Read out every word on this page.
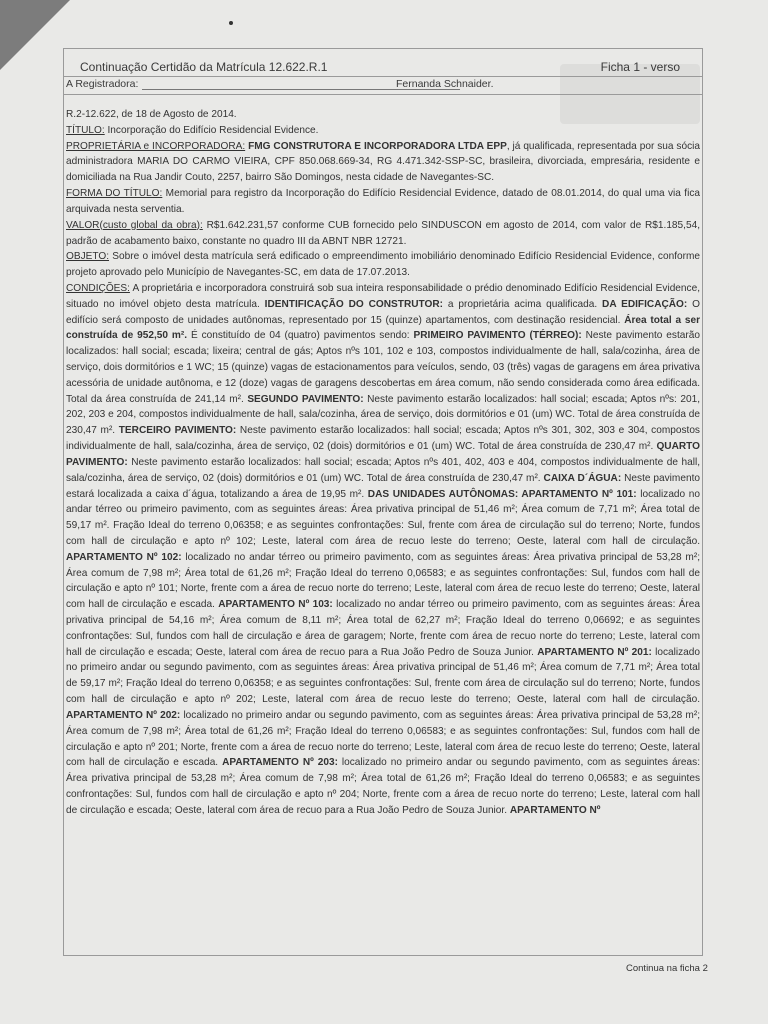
Continuação Certidão da Matrícula 12.622.R.1	Ficha 1 - verso
A Registradora:	Fernanda Schnaider.

R.2-12.622, de 18 de Agosto de 2014.

TÍTULO: Incorporação do Edifício Residencial Evidence.

PROPRIETÁRIA e INCORPORADORA: FMG CONSTRUTORA E INCORPORADORA LTDA EPP, já qualificada, representada por sua sócia administradora MARIA DO CARMO VIEIRA, CPF 850.068.669-34, RG 4.471.342-SSP-SC, brasileira, divorciada, empresária, residente e domiciliada na Rua Jandir Couto, 2257, bairro São Domingos, nesta cidade de Navegantes-SC.

FORMA DO TÍTULO: Memorial para registro da Incorporação do Edifício Residencial Evidence, datado de 08.01.2014, do qual uma via fica arquivada nesta serventia.

VALOR(custo global da obra): R$1.642.231,57 conforme CUB fornecido pelo SINDUSCON em agosto de 2014, com valor de R$1.185,54, padrão de acabamento baixo, constante no quadro III da ABNT NBR 12721.

OBJETO: Sobre o imóvel desta matrícula será edificado o empreendimento imobiliário denominado Edifício Residencial Evidence, conforme projeto aprovado pelo Município de Navegantes-SC, em data de 17.07.2013.

CONDIÇÕES: A proprietária e incorporadora construirá sob sua inteira responsabilidade o prédio denominado Edifício Residencial Evidence, situado no imóvel objeto desta matrícula. IDENTIFICAÇÃO DO CONSTRUTOR: a proprietária acima qualificada. DA EDIFICAÇÃO: O edifício será composto de unidades autônomas, representado por 15 (quinze) apartamentos, com destinação residencial. Área total a ser construída de 952,50 m². É constituído de 04 (quatro) pavimentos sendo: PRIMEIRO PAVIMENTO (TÉRREO): Neste pavimento estarão localizados: hall social; escada; lixeira; central de gás; Aptos nºs 101, 102 e 103, compostos individualmente de hall, sala/cozinha, área de serviço, dois dormitórios e 1 WC; 15 (quinze) vagas de estacionamentos para veículos, sendo, 03 (três) vagas de garagens em área privativa acessória de unidade autônoma, e 12 (doze) vagas de garagens descobertas em área comum, não sendo considerada como área edificada. Total da área construída de 241,14 m². SEGUNDO PAVIMENTO: Neste pavimento estarão localizados: hall social; escada; Aptos nºs: 201, 202, 203 e 204, compostos individualmente de hall, sala/cozinha, área de serviço, dois dormitórios e 01 (um) WC. Total de área construída de 230,47 m². TERCEIRO PAVIMENTO: Neste pavimento estarão localizados: hall social; escada; Aptos nºs 301, 302, 303 e 304, compostos individualmente de hall, sala/cozinha, área de serviço, 02 (dois) dormitórios e 01 (um) WC. Total de área construída de 230,47 m². QUARTO PAVIMENTO: Neste pavimento estarão localizados: hall social; escada; Aptos nºs 401, 402, 403 e 404, compostos individualmente de hall, sala/cozinha, área de serviço, 02 (dois) dormitórios e 01 (um) WC. Total de área construída de 230,47 m². CAIXA D´ÁGUA: Neste pavimento estará localizada a caixa d´água, totalizando a área de 19,95 m². DAS UNIDADES AUTÔNOMAS: APARTAMENTO Nº 101: localizado no andar térreo ou primeiro pavimento, com as seguintes áreas: Área privativa principal de 51,46 m²; Área comum de 7,71 m²; Área total de 59,17 m². Fração Ideal do terreno 0,06358; e as seguintes confrontações: Sul, frente com área de circulação sul do terreno; Norte, fundos com hall de circulação e apto nº 102; Leste, lateral com área de recuo leste do terreno; Oeste, lateral com hall de circulação. APARTAMENTO Nº 102: localizado no andar térreo ou primeiro pavimento, com as seguintes áreas: Área privativa principal de 53,28 m²; Área comum de 7,98 m²; Área total de 61,26 m²; Fração Ideal do terreno 0,06583; e as seguintes confrontações: Sul, fundos com hall de circulação e apto nº 101; Norte, frente com a área de recuo norte do terreno; Leste, lateral com área de recuo leste do terreno; Oeste, lateral com hall de circulação e escada. APARTAMENTO Nº 103: localizado no andar térreo ou primeiro pavimento, com as seguintes áreas: Área privativa principal de 54,16 m²; Área comum de 8,11 m²; Área total de 62,27 m²; Fração Ideal do terreno 0,06692; e as seguintes confrontações: Sul, fundos com hall de circulação e área de garagem; Norte, frente com área de recuo norte do terreno; Leste, lateral com hall de circulação e escada; Oeste, lateral com área de recuo para a Rua João Pedro de Souza Junior. APARTAMENTO Nº 201: localizado no primeiro andar ou segundo pavimento, com as seguintes áreas: Área privativa principal de 51,46 m²; Área comum de 7,71 m²; Área total de 59,17 m²; Fração Ideal do terreno 0,06358; e as seguintes confrontações: Sul, frente com área de circulação sul do terreno; Norte, fundos com hall de circulação e apto nº 202; Leste, lateral com área de recuo leste do terreno; Oeste, lateral com hall de circulação. APARTAMENTO Nº 202: localizado no primeiro andar ou segundo pavimento, com as seguintes áreas: Área privativa principal de 53,28 m²; Área comum de 7,98 m²; Área total de 61,26 m²; Fração Ideal do terreno 0,06583; e as seguintes confrontações: Sul, fundos com hall de circulação e apto nº 201; Norte, frente com a área de recuo norte do terreno; Leste, lateral com área de recuo leste do terreno; Oeste, lateral com hall de circulação e escada. APARTAMENTO Nº 203: localizado no primeiro andar ou segundo pavimento, com as seguintes áreas: Área privativa principal de 53,28 m²; Área comum de 7,98 m²; Área total de 61,26 m²; Fração Ideal do terreno 0,06583; e as seguintes confrontações: Sul, fundos com hall de circulação e apto nº 204; Norte, frente com a área de recuo norte do terreno; Leste, lateral com hall de circulação e escada; Oeste, lateral com área de recuo para a Rua João Pedro de Souza Junior. APARTAMENTO Nº

Continua na ficha 2
